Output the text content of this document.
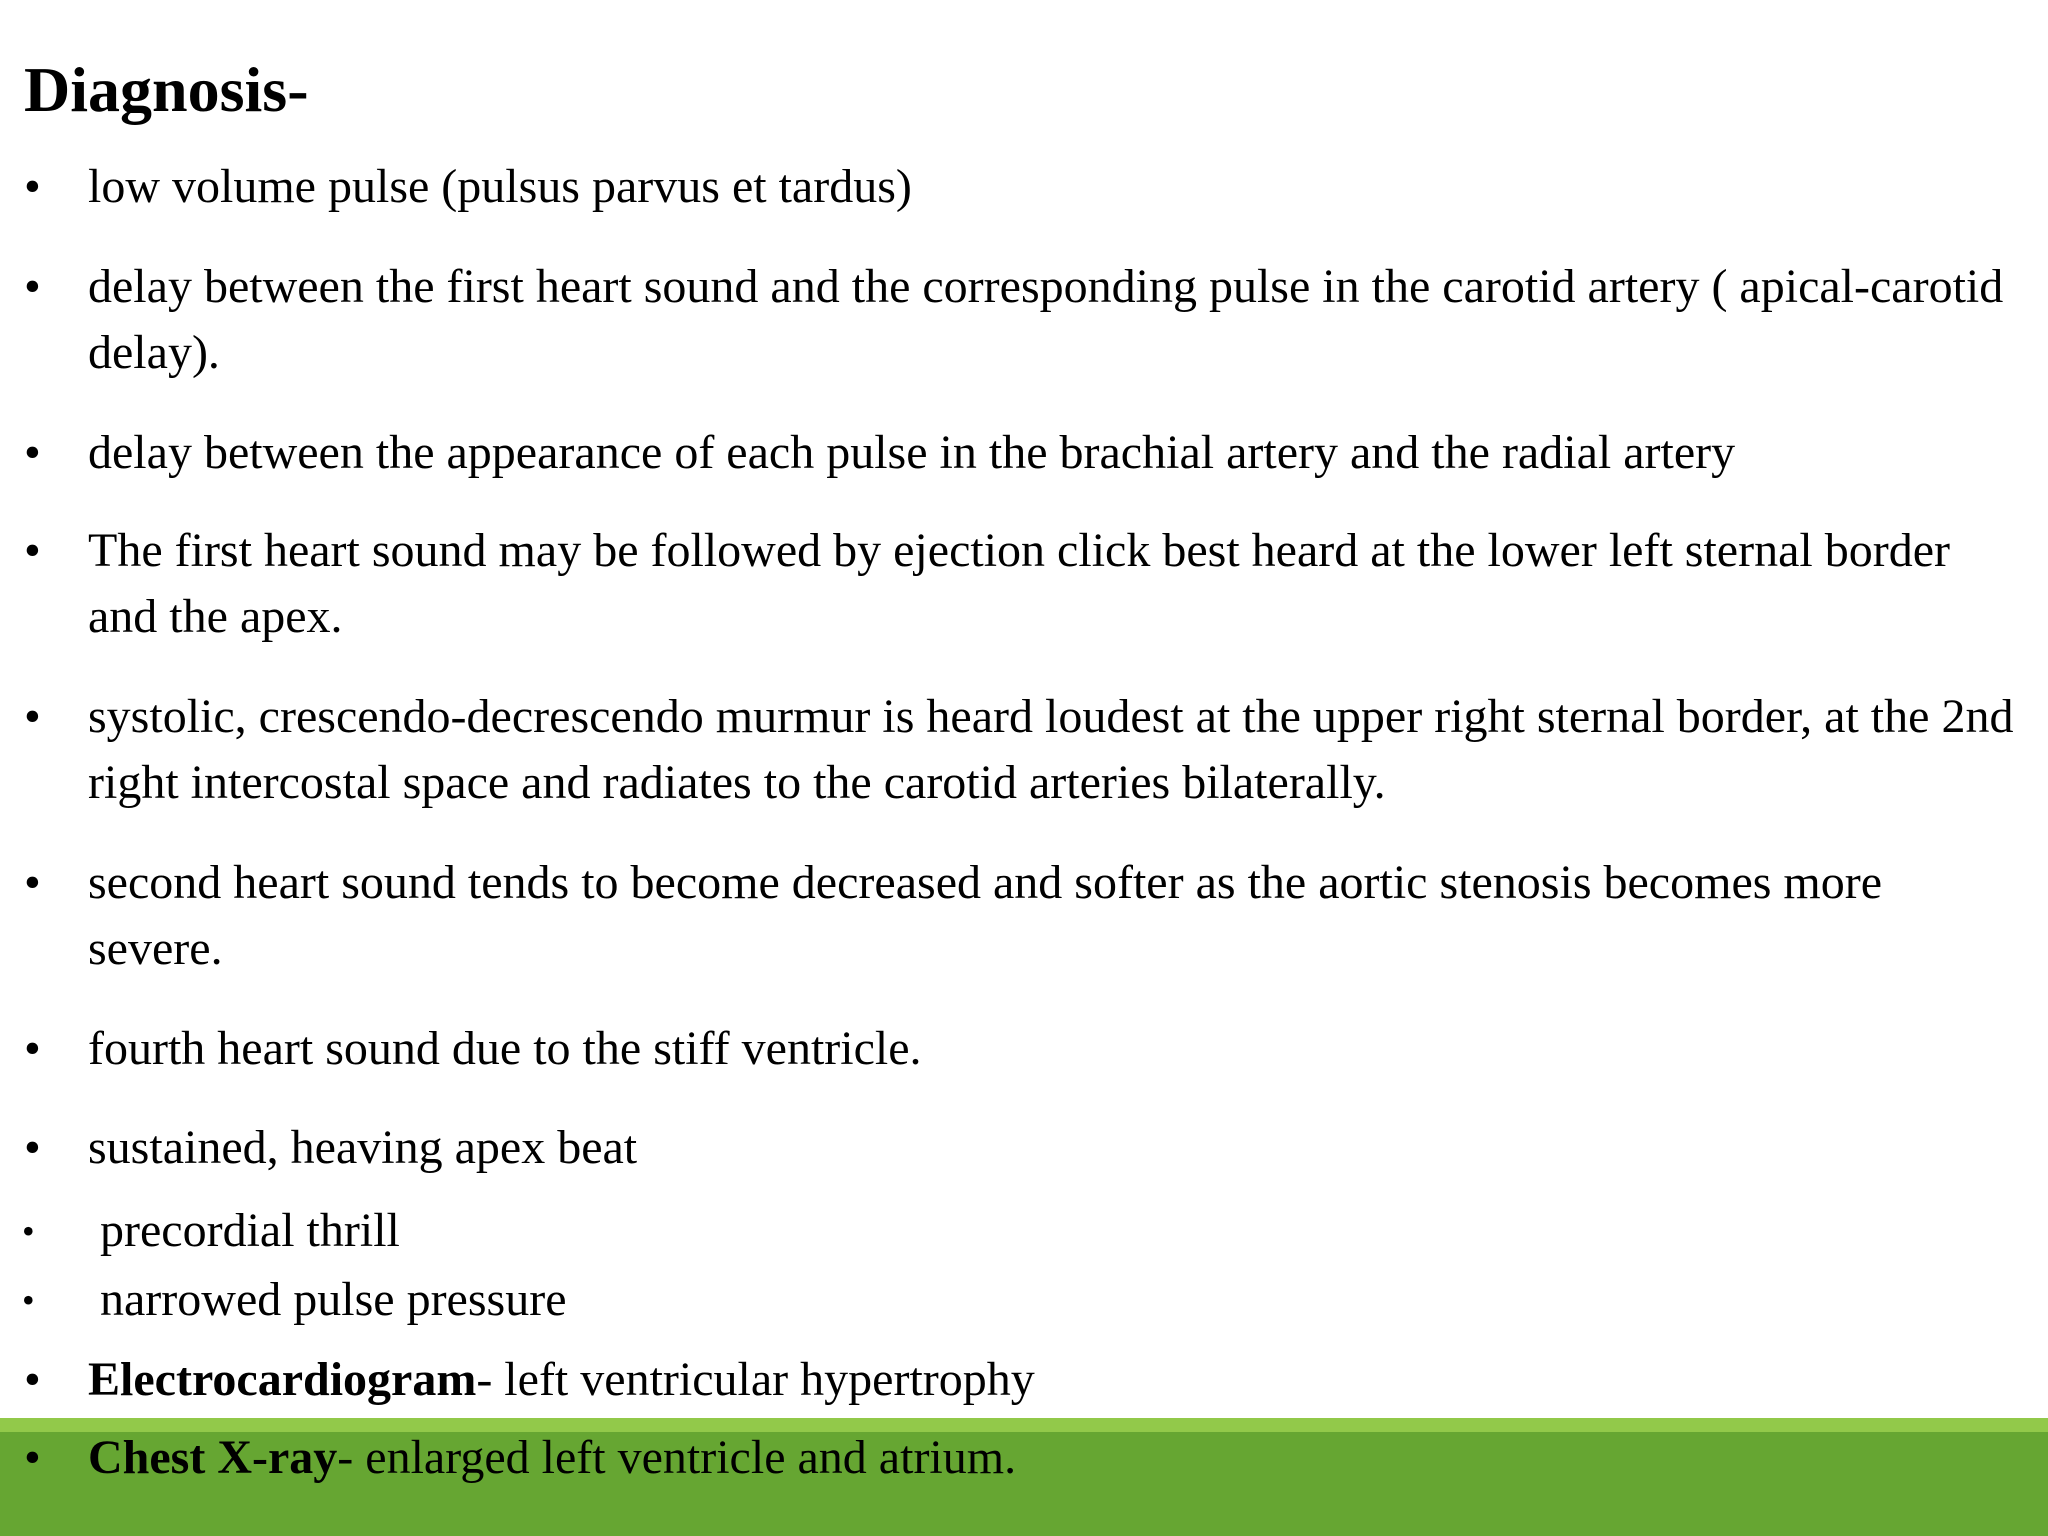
Diagnosis-
• low volume pulse (pulsus parvus et tardus)
• delay between the first heart sound and the corresponding pulse in the carotid artery ( apical-carotid delay).
• delay between the appearance of each pulse in the brachial artery and the radial artery
• The first heart sound may be followed by ejection click best heard at the lower left sternal border and the apex.
• systolic, crescendo-decrescendo murmur is heard loudest at the upper right sternal border, at the 2nd right intercostal space and radiates to the carotid arteries bilaterally.
• second heart sound tends to become decreased and softer as the aortic stenosis becomes more severe.
• fourth heart sound due to the stiff ventricle.
• sustained, heaving apex beat
•	precordial thrill
•	narrowed pulse pressure
• Electrocardiogram- left ventricular hypertrophy
• Chest X-ray- enlarged left ventricle and atrium.
